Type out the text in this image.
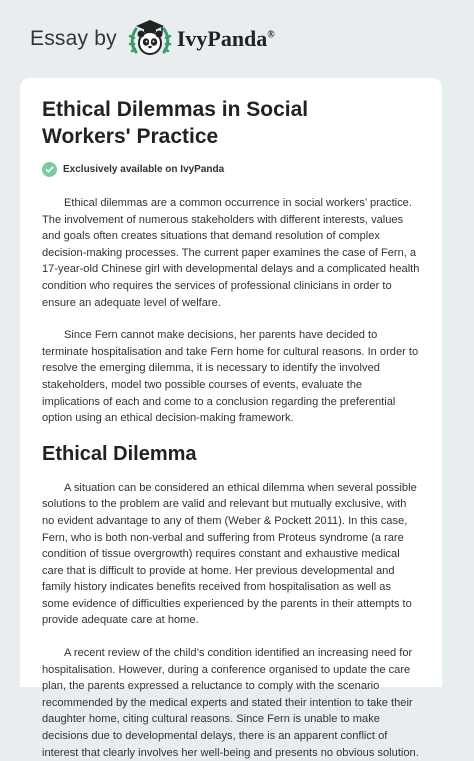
Essay by	IvyPanda®
Ethical Dilemmas in Social Workers' Practice
Exclusively available on IvyPanda

Ethical dilemmas are a common occurrence in social workers’ practice. The involvement of numerous stakeholders with different interests, values and goals often creates situations that demand resolution of complex decision-making processes. The current paper examines the case of Fern, a 17-year-old Chinese girl with developmental delays and a complicated health condition who requires the services of professional clinicians in order to ensure an adequate level of welfare.

Since Fern cannot make decisions, her parents have decided to terminate hospitalisation and take Fern home for cultural reasons. In order to resolve the emerging dilemma, it is necessary to identify the involved stakeholders, model two possible courses of events, evaluate the implications of each and come to a conclusion regarding the preferential option using an ethical decision-making framework.

Ethical Dilemma

A situation can be considered an ethical dilemma when several possible solutions to the problem are valid and relevant but mutually exclusive, with no evident advantage to any of them (Weber & Pockett 2011). In this case, Fern, who is both non-verbal and suffering from Proteus syndrome (a rare condition of tissue overgrowth) requires constant and exhaustive medical care that is difficult to provide at home. Her previous developmental and family history indicates benefits received from hospitalisation as well as some evidence of difficulties experienced by the parents in their attempts to provide adequate care at home.

A recent review of the child’s condition identified an increasing need for hospitalisation. However, during a conference organised to update the care plan, the parents expressed a reluctance to comply with the scenario recommended by the medical experts and stated their intention to take their daughter home, citing cultural reasons. Since Fern is unable to make decisions due to developmental delays, there is an apparent conflict of interest that clearly involves her well-being and presents no obvious solution.
